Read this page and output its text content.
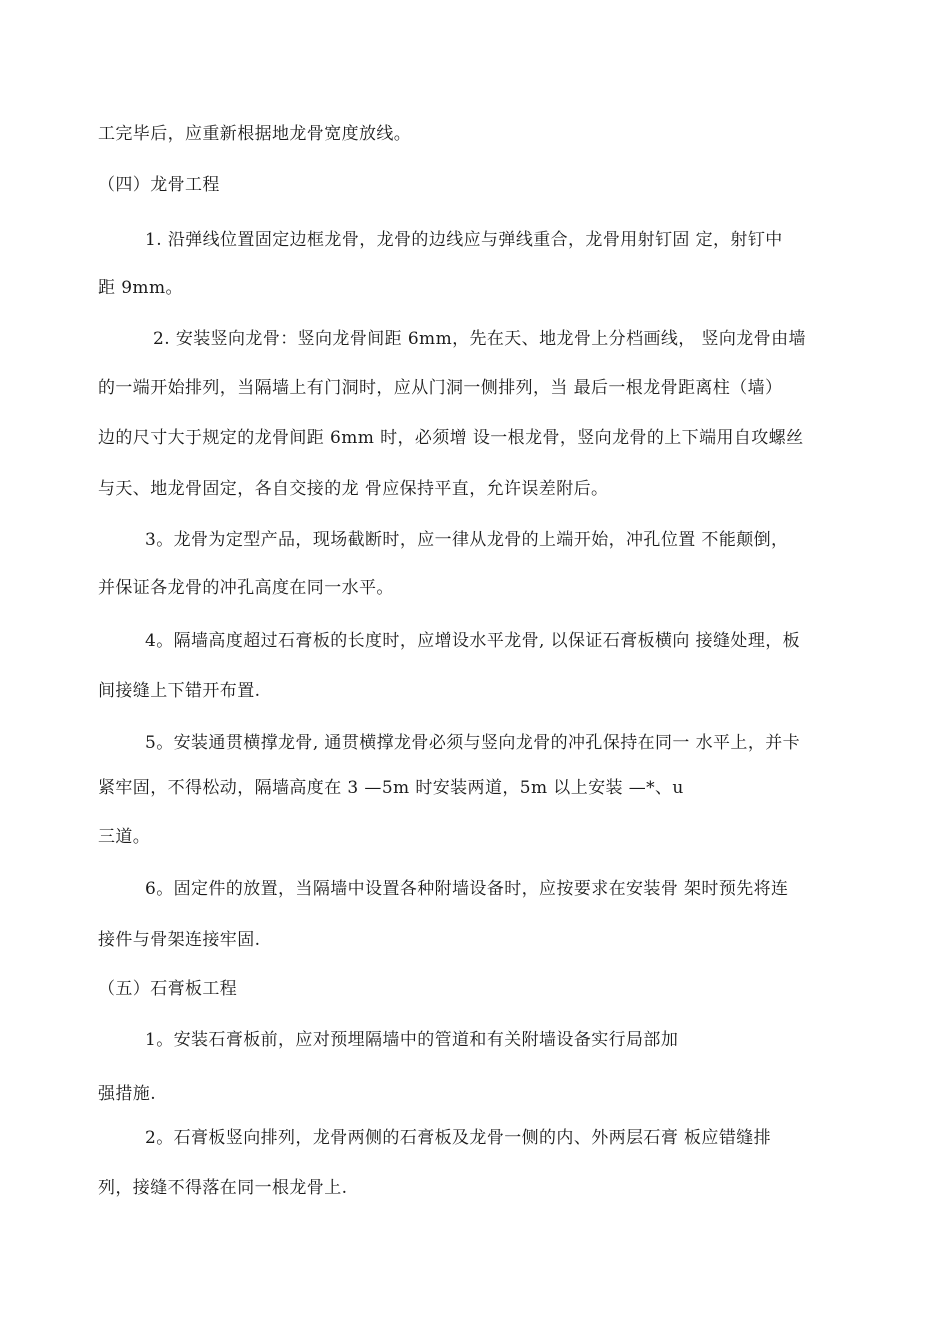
工完毕后，应重新根据地龙骨宽度放线。
（四）龙骨工程
1. 沿弹线位置固定边框龙骨，龙骨的边线应与弹线重合，龙骨用射钉固 定，射钉中
距 9mm。
2. 安装竖向龙骨：竖向龙骨间距 6mm，先在天、地龙骨上分档画线， 竖向龙骨由墙
的一端开始排列，当隔墙上有门洞时，应从门洞一侧排列，当 最后一根龙骨距离柱（墙）
边的尺寸大于规定的龙骨间距 6mm 时，必须增 设一根龙骨，竖向龙骨的上下端用自攻螺丝
与天、地龙骨固定，各自交接的龙 骨应保持平直，允许误差附后。
3。龙骨为定型产品，现场截断时，应一律从龙骨的上端开始，冲孔位置 不能颠倒，
并保证各龙骨的冲孔高度在同一水平。
4。隔墙高度超过石膏板的长度时，应增设水平龙骨, 以保证石膏板横向 接缝处理，板
间接缝上下错开布置.
5。安装通贯横撑龙骨, 通贯横撑龙骨必须与竖向龙骨的冲孔保持在同一 水平上，并卡
紧牢固，不得松动，隔墙高度在 3 —5m 时安装两道，5m 以上安装 —*、u
三道。
6。固定件的放置，当隔墙中设置各种附墙设备时，应按要求在安装骨 架时预先将连
接件与骨架连接牢固.
（五）石膏板工程
1。安装石膏板前，应对预埋隔墙中的管道和有关附墙设备实行局部加
强措施.
2。石膏板竖向排列，龙骨两侧的石膏板及龙骨一侧的内、外两层石膏 板应错缝排
列，接缝不得落在同一根龙骨上.
